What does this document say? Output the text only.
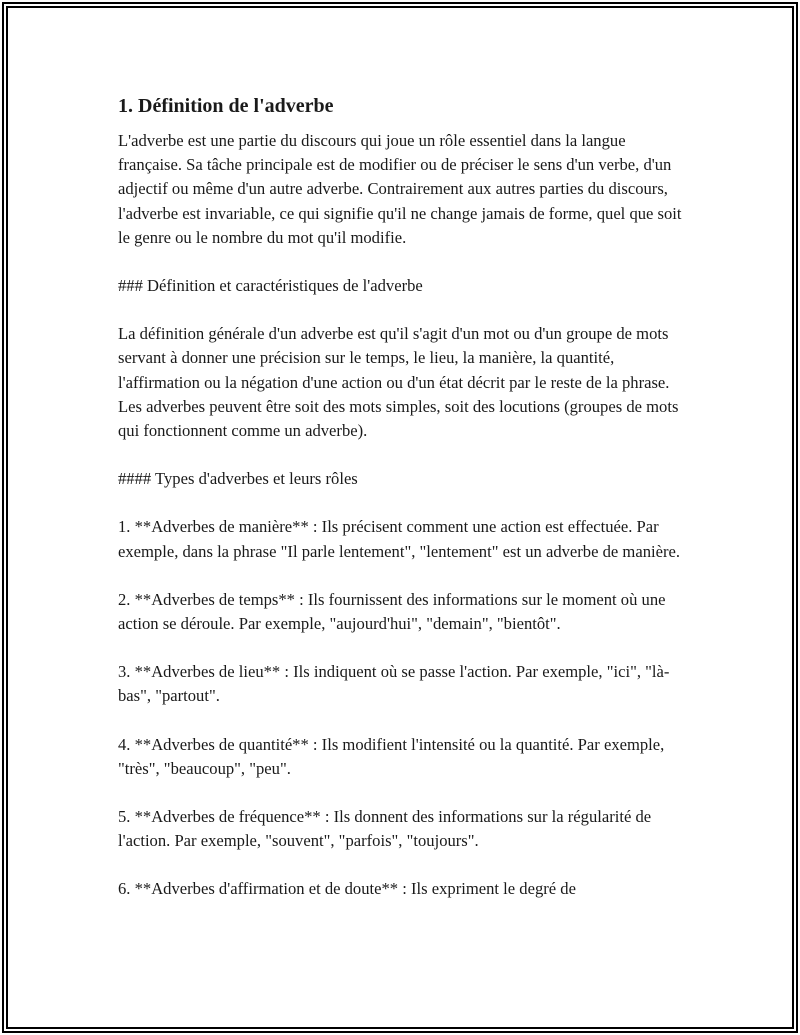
1. Définition de l'adverbe

L'adverbe est une partie du discours qui joue un rôle essentiel dans la langue française. Sa tâche principale est de modifier ou de préciser le sens d'un verbe, d'un adjectif ou même d'un autre adverbe. Contrairement aux autres parties du discours, l'adverbe est invariable, ce qui signifie qu'il ne change jamais de forme, quel que soit le genre ou le nombre du mot qu'il modifie.

### Définition et caractéristiques de l'adverbe

La définition générale d'un adverbe est qu'il s'agit d'un mot ou d'un groupe de mots servant à donner une précision sur le temps, le lieu, la manière, la quantité, l'affirmation ou la négation d'une action ou d'un état décrit par le reste de la phrase. Les adverbes peuvent être soit des mots simples, soit des locutions (groupes de mots qui fonctionnent comme un adverbe).

#### Types d'adverbes et leurs rôles

1. **Adverbes de manière** : Ils précisent comment une action est effectuée. Par exemple, dans la phrase "Il parle lentement", "lentement" est un adverbe de manière.

2. **Adverbes de temps** : Ils fournissent des informations sur le moment où une action se déroule. Par exemple, "aujourd'hui", "demain", "bientôt".

3. **Adverbes de lieu** : Ils indiquent où se passe l'action. Par exemple, "ici", "là-bas", "partout".

4. **Adverbes de quantité** : Ils modifient l'intensité ou la quantité. Par exemple, "très", "beaucoup", "peu".

5. **Adverbes de fréquence** : Ils donnent des informations sur la régularité de l'action. Par exemple, "souvent", "parfois", "toujours".

6. **Adverbes d'affirmation et de doute** : Ils expriment le degré de
